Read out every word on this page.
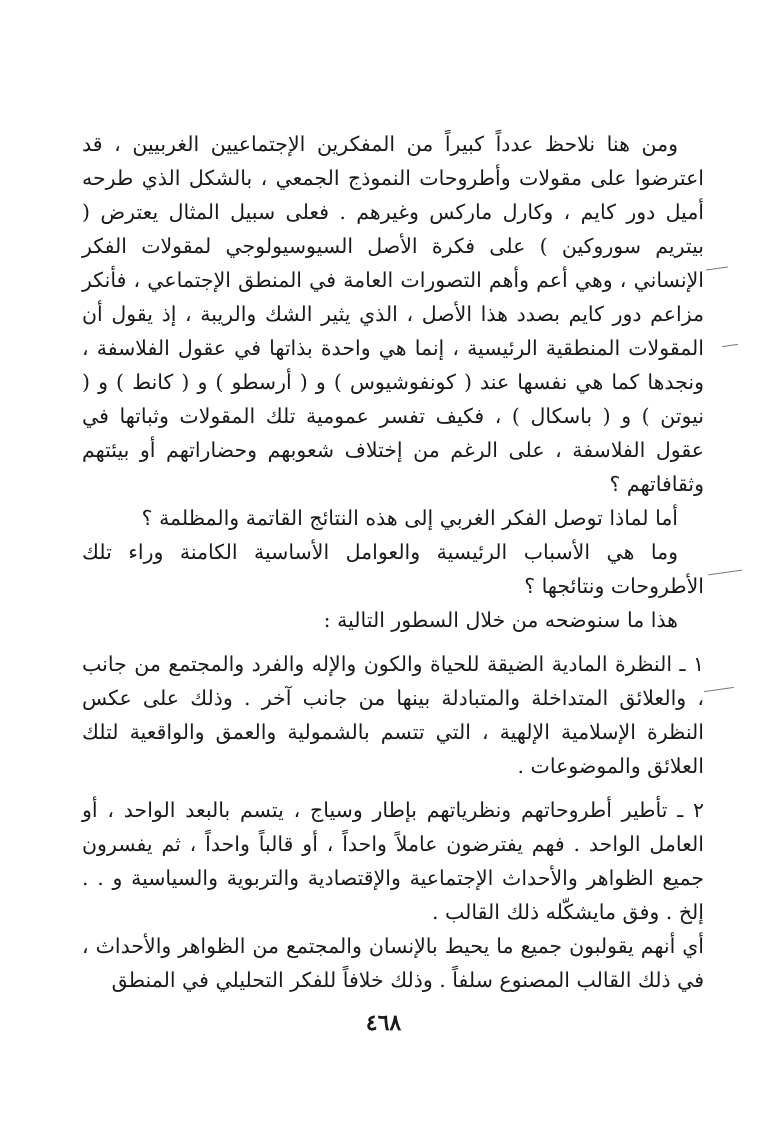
ومن هنا نلاحظ عدداً كبيراً من المفكرين الإجتماعيين الغربيين ، قد اعترضوا على مقولات وأطروحات النموذج الجمعي ، بالشكل الذي طرحه أميل دور كايم ، وكارل ماركس وغيرهم . فعلى سبيل المثال يعترض ( بيتريم سوروكين ) على فكرة الأصل السيوسيولوجي لمقولات الفكر الإنساني ، وهي أعم وأهم التصورات العامة في المنطق الإجتماعي ، فأنكر مزاعم دور كايم بصدد هذا الأصل ، الذي يثير الشك والريبة ، إذ يقول أن المقولات المنطقية الرئيسية ، إنما هي واحدة بذاتها في عقول الفلاسفة ، ونجدها كما هي نفسها عند ( كونفوشيوس ) و ( أرسطو ) و ( كانط ) و ( نيوتن ) و ( باسكال ) ، فكيف تفسر عمومية تلك المقولات وثباتها في عقول الفلاسفة ، على الرغم من إختلاف شعوبهم وحضاراتهم أو بيئتهم وثقافاتهم ؟

أما لماذا توصل الفكر الغربي إلى هذه النتائج القاتمة والمظلمة ؟

وما هي الأسباب الرئيسية والعوامل الأساسية الكامنة وراء تلك الأطروحات ونتائجها ؟

هذا ما سنوضحه من خلال السطور التالية :

١ ـ النظرة المادية الضيقة للحياة والكون والإله والفرد والمجتمع من جانب ، والعلائق المتداخلة والمتبادلة بينها من جانب آخر . وذلك على عكس النظرة الإسلامية الإلهية ، التي تتسم بالشمولية والعمق والواقعية لتلك العلائق والموضوعات .

٢ ـ تأطير أطروحاتهم ونظرياتهم بإطار وسياج ، يتسم بالبعد الواحد ، أو العامل الواحد . فهم يفترضون عاملاً واحداً ، أو قالباً واحداً ، ثم يفسرون جميع الظواهر والأحداث الإجتماعية والإقتصادية والتربوية والسياسية و . . إلخ . وفق مايشكّله ذلك القالب .

أي أنهم يقولبون جميع ما يحيط بالإنسان والمجتمع من الظواهر والأحداث ، في ذلك القالب المصنوع سلفاً . وذلك خلافاً للفكر التحليلي في المنطق

٤٦٨
